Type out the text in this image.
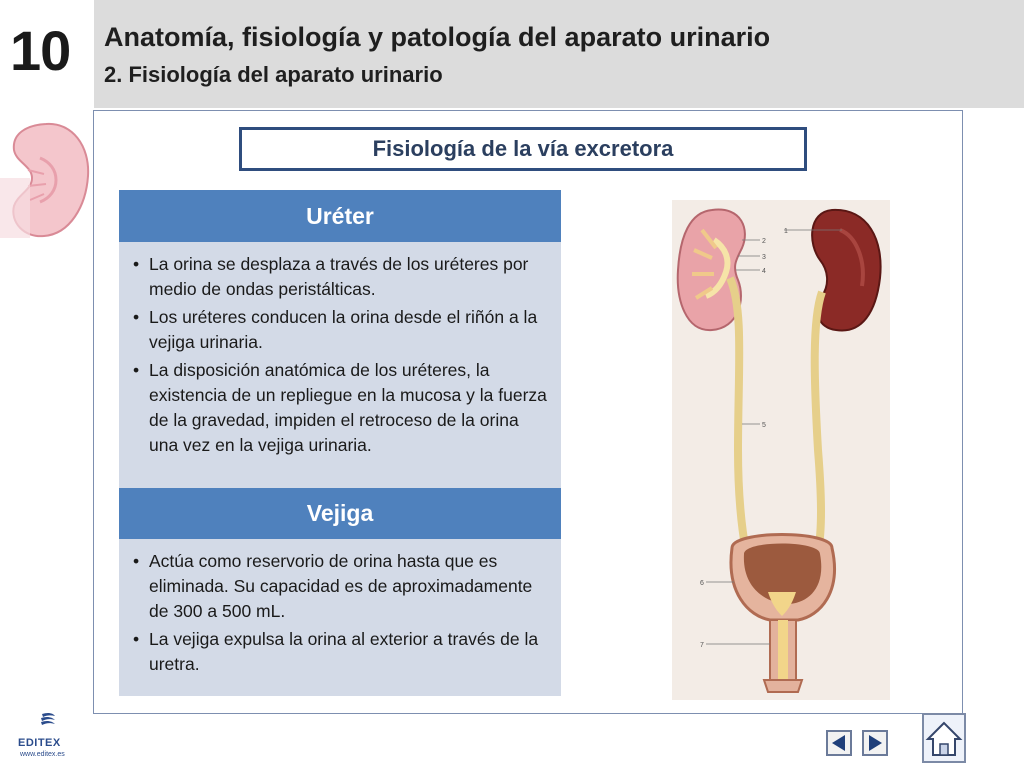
10	Anatomía, fisiología y patología del aparato urinario
2. Fisiología del aparato urinario
Fisiología de la vía excretora
Uréter
• La orina se desplaza a través de los uréteres por medio de ondas peristálticas.
• Los uréteres conducen la orina desde el riñón a la vejiga urinaria.
• La disposición anatómica de los uréteres, la existencia de un repliegue en la mucosa y la fuerza de la gravedad, impiden el retroceso de la orina una vez en la vejiga urinaria.
Vejiga
• Actúa como reservorio de orina hasta que es eliminada. Su capacidad es de aproximadamente de 300 a 500 mL.
• La vejiga expulsa la orina al exterior a través de la uretra.
1
2
3
4
5
6
7
EDITEX
www.editex.es
